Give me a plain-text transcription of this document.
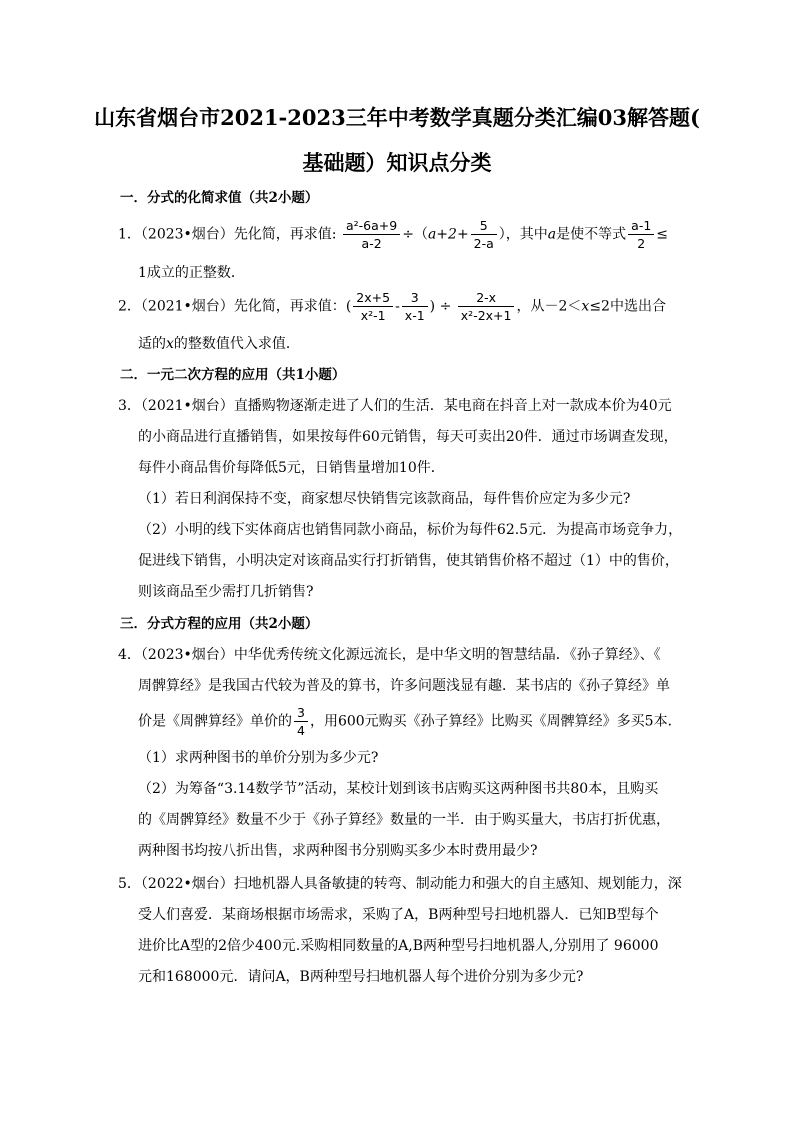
山东省烟台市2021-2023三年中考数学真题分类汇编03解答题(
基础题）知识点分类
一．分式的化简求值（共2小题）
1．（2023•烟台）先化简，再求值: $\frac{\text{a²-6a+9}}{a-2} \div(a+2+ \frac{5}{2-a}$ ），其中a是使不等式 $\frac{a-1}{2}$ ≤
1成立的正整数．
2．（2021•烟台）先化简，再求值：( $\frac{2x+5}{\text{x²-1}} - \frac{3}{x-1}$ ) ÷ $\frac{2-x}{\text{x²-2x+1}}$ ，从－2＜x≤2中选出合
适的x的整数值代入求值．
二．一元二次方程的应用（共1小题）
3．（2021•烟台）直播购物逐渐走进了人们的生活．某电商在抖音上对一款成本价为40元
的小商品进行直播销售，如果按每件60元销售，每天可卖出20件．通过市场调查发现，
每件小商品售价每降低5元，日销售量增加10件．
（1）若日利润保持不变，商家想尽快销售完该款商品，每件售价应定为多少元?
（2）小明的线下实体商店也销售同款小商品，标价为每件62.5元．为提高市场竞争力，
促进线下销售，小明决定对该商品实行打折销售，使其销售价格不超过（1）中的售价，
则该商品至少需打几折销售?
三．分式方程的应用（共2小题）
4．（2023•烟台）中华优秀传统文化源远流长，是中华文明的智慧结晶．《孙子算经》、《
周髀算经》是我国古代较为普及的算书，许多问题浅显有趣．某书店的《孙子算经》单
价是《周髀算经》单价的 $\frac{3}{4}$ ，用600元购买《孙子算经》比购买《周髀算经》多买5本．
（1）求两种图书的单价分别为多少元?
（2）为筹备“3.14数学节”活动，某校计划到该书店购买这两种图书共80本，且购买
的《周髀算经》数量不少于《孙子算经》数量的一半．由于购买量大，书店打折优惠，
两种图书均按八折出售，求两种图书分别购买多少本时费用最少?
5．（2022•烟台）扫地机器人具备敏捷的转弯、制动能力和强大的自主感知、规划能力，深
受人们喜爱．某商场根据市场需求，采购了A，B两种型号扫地机器人．已知B型每个
进价比A型的2倍少400元.采购相同数量的A,B两种型号扫地机器人,分别用了 96000
元和168000元．请问A，B两种型号扫地机器人每个进价分别为多少元?
